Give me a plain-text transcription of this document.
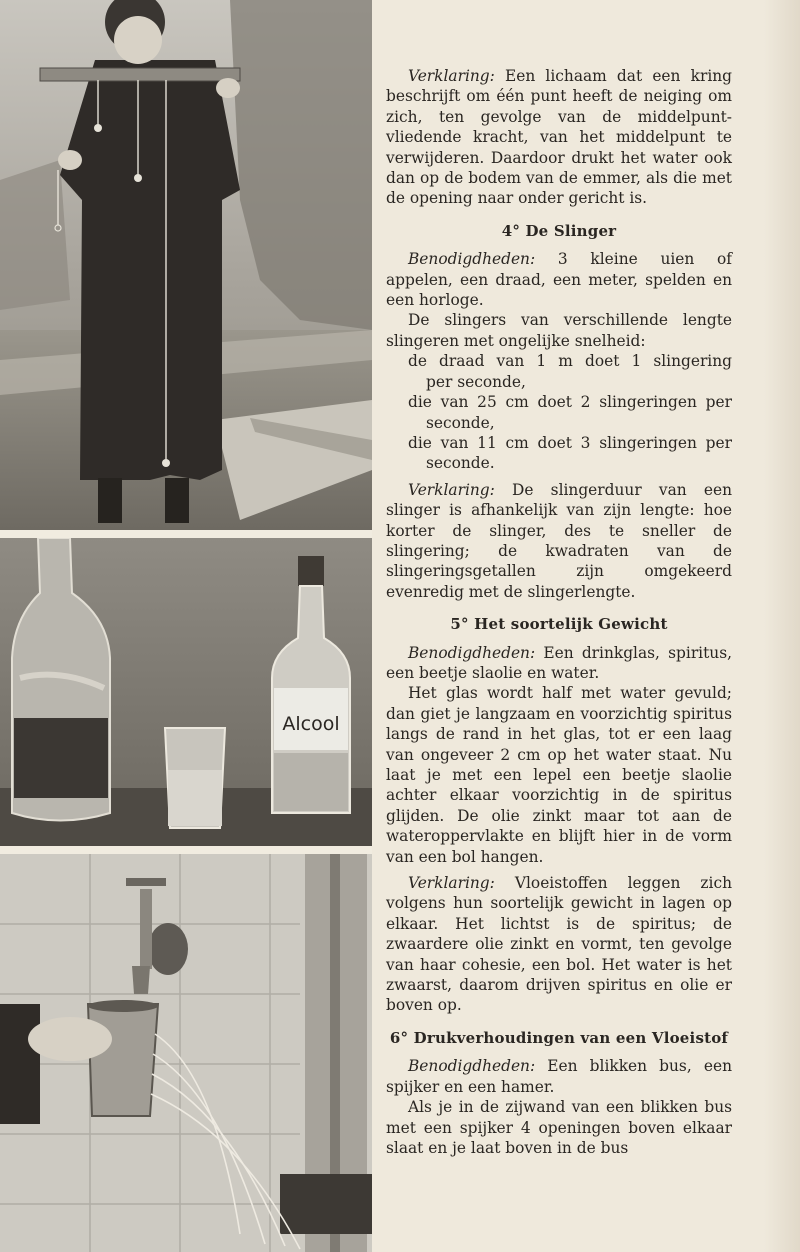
Alcool

Verklaring: Een lichaam dat een kring beschrijft om één punt heeft de neiging om zich, ten gevolge van de middelpuntvliedende kracht, van het middelpunt te verwijderen. Daardoor drukt het water ook dan op de bodem van de emmer, als die met de opening naar onder gericht is.

4° De Slinger

Benodigdheden: 3 kleine uien of appelen, een draad, een meter, spelden en een horloge.

De slingers van verschillende lengte slingeren met ongelijke snelheid:

de draad van 1 m doet 1 slingering
per seconde,
die van 25 cm doet 2 slingeringen per
seconde,
die van 11 cm doet 3 slingeringen per
seconde.

Verklaring: De slingerduur van een slinger is afhankelijk van zijn lengte: hoe korter de slinger, des te sneller de slingering; de kwadraten van de slingeringsgetallen zijn omgekeerd evenredig met de slingerlengte.

5° Het soortelijk Gewicht

Benodigdheden: Een drinkglas, spiritus, een beetje slaolie en water.

Het glas wordt half met water gevuld; dan giet je langzaam en voorzichtig spiritus langs de rand in het glas, tot er een laag van ongeveer 2 cm op het water staat. Nu laat je met een lepel een beetje slaolie achter elkaar voorzichtig in de spiritus glijden. De olie zinkt maar tot aan de wateroppervlakte en blijft hier in de vorm van een bol hangen.

Verklaring: Vloeistoffen leggen zich volgens hun soortelijk gewicht in lagen op elkaar. Het lichtst is de spiritus; de zwaardere olie zinkt en vormt, ten gevolge van haar cohesie, een bol. Het water is het zwaarst, daarom drijven spiritus en olie er boven op.

6° Drukverhoudingen van een Vloeistof

Benodigdheden: Een blikken bus, een spijker en een hamer.

Als je in de zijwand van een blikken bus met een spijker 4 openingen boven elkaar slaat en je laat boven in de bus
